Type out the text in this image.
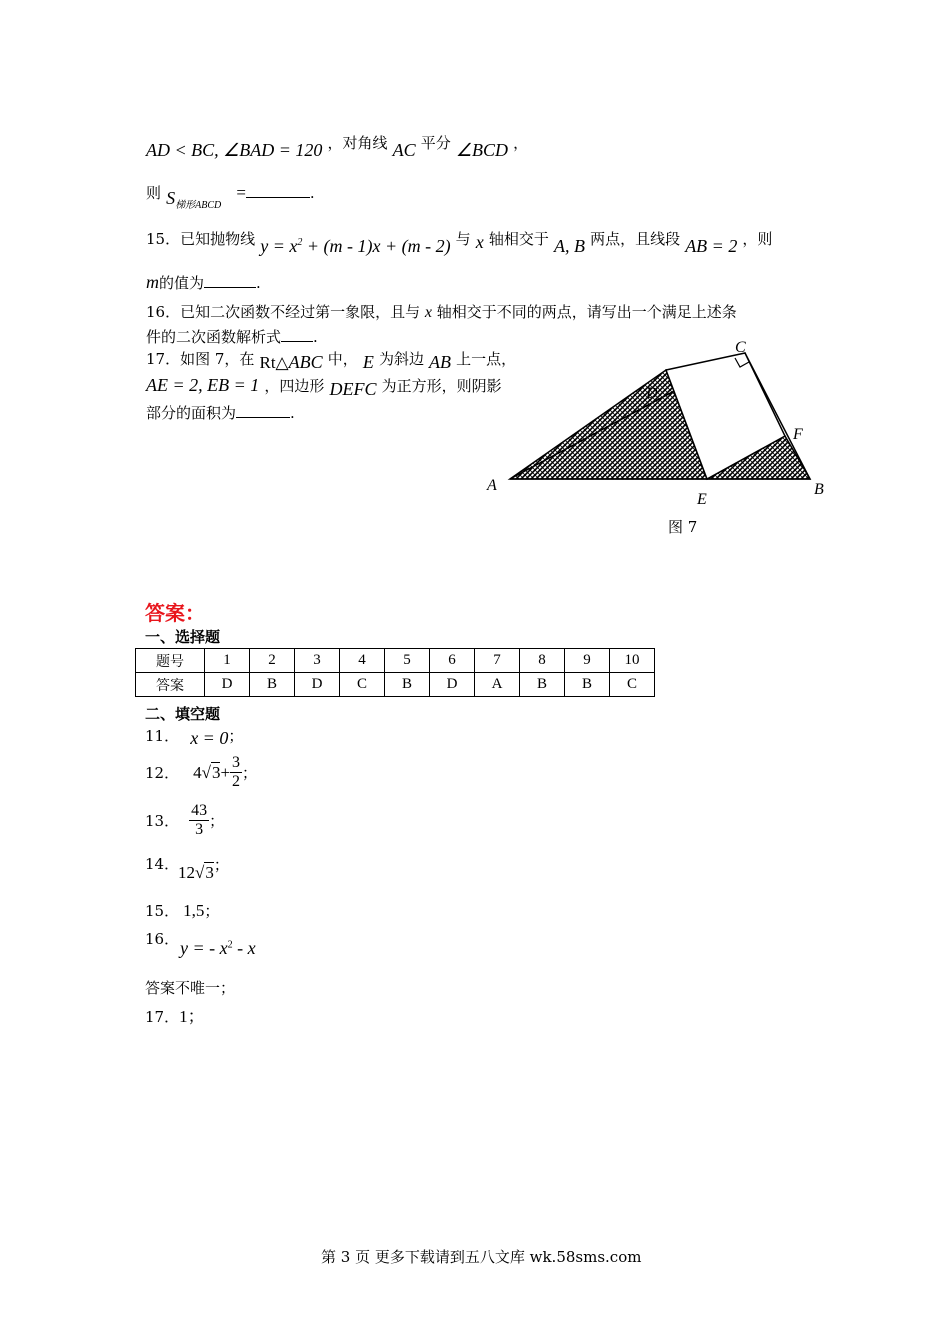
AD < BC, ∠BAD = 120 ，对角线 AC 平分 ∠BCD ，
则 $S_{梯形ABCD}$ =	.
15．已知抛物线 $y = x^2 + (m - 1)x + (m - 2)$ 与 x 轴相交于 A, B 两点，且线段 AB = 2 ，则
m的值为	.
16．已知二次函数不经过第一象限，且与 x 轴相交于不同的两点，请写出一个满足上述条
件的二次函数解析式 .
17．如图 7，在 Rt△ABC 中， E 为斜边 AB 上一点，
AE = 2, EB = 1 ，四边形 DEFC 为正方形，则阴影
部分的面积为	.
A	B
C
D
E
F
图 7
答案：
一、选择题
题号	1	2	3	4	5	6	7	8	9	10
答案	D	B	D	C	B	D	A	B	B	C
二、填空题
11． x = 0；
12． 4 √ $3 + \frac{3}{2}$ ；
13． $\frac{43}{3}$ ；
14．
12√3；
15． 1,5；
16． y = - $x^2$ - x
答案不唯一；
17．1；
第 3 页 更多下载请到五八文库 wk.58sms.com
